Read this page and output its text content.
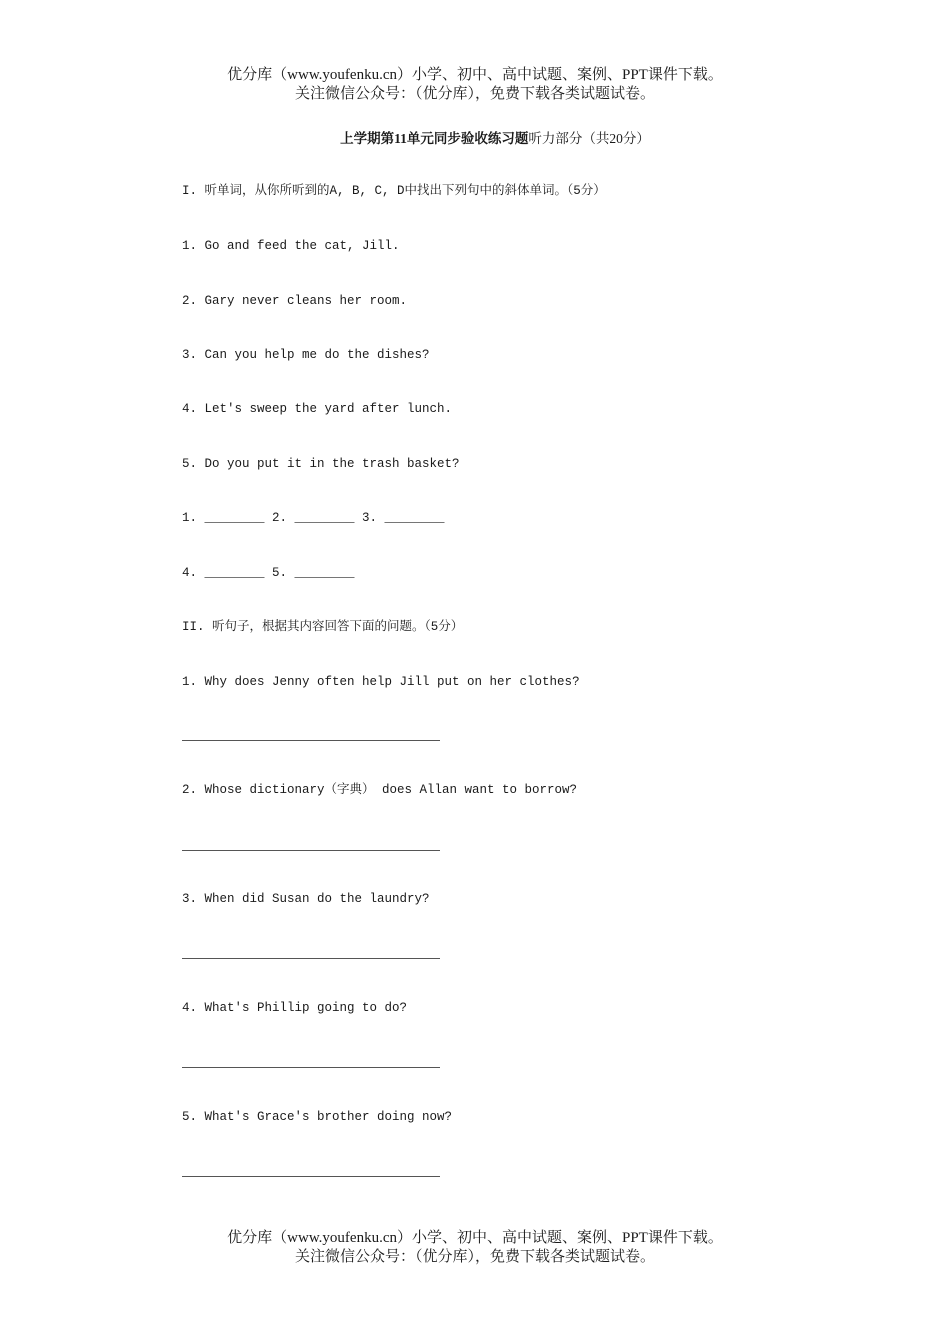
优分库（www.youfenku.cn）小学、初中、高中试题、案例、PPT课件下载。
关注微信公众号：（优分库），免费下载各类试题试卷。
上学期第11单元同步验收练习题听力部分（共20分）
I. 听单词，从你所听到的A, B, C, D中找出下列句中的斜体单词。（5分）
1. Go and feed the cat, Jill.
2. Gary never cleans her room.
3. Can you help me do the dishes?
4. Let's sweep the yard after lunch.
5. Do you put it in the trash basket?
1. ________ 2. ________ 3. ________
4. ________ 5. ________
II. 听句子，根据其内容回答下面的问题。（5分）
1. Why does Jenny often help Jill put on her clothes?
2. Whose dictionary（字典） does Allan want to borrow?
3. When did Susan do the laundry?
4. What's Phillip going to do?
5. What's Grace's brother doing now?
优分库（www.youfenku.cn）小学、初中、高中试题、案例、PPT课件下载。
关注微信公众号：（优分库），免费下载各类试题试卷。
